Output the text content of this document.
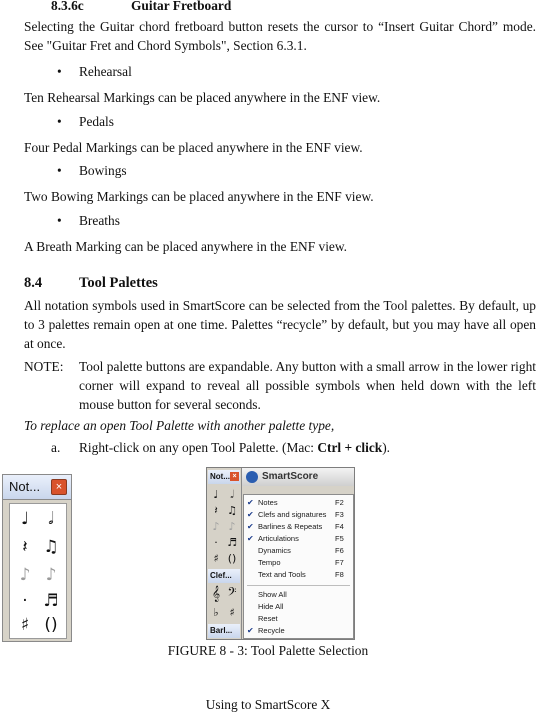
8.3.6c	Guitar Fretboard
Selecting the Guitar chord fretboard button resets the cursor to “Insert Guitar Chord” mode. See "Guitar Fret and Chord Symbols", Section 6.3.1.
• Rehearsal
Ten Rehearsal Markings can be placed anywhere in the ENF view.
• Pedals
Four Pedal Markings can be placed anywhere in the ENF view.
• Bowings
Two Bowing Markings can be placed anywhere in the ENF view.
• Breaths
A Breath Marking can be placed anywhere in the ENF view.
8.4	Tool Palettes
All notation symbols used in SmartScore can be selected from the Tool palettes. By default, up to 3 palettes remain open at one time. Palettes “recycle” by default, but you may have all open at once.
NOTE: Tool palette buttons are expandable. Any button with a small arrow in the lower right corner will expand to reveal all possible symbols when held down with the left mouse button for several seconds.
To replace an open Tool Palette with another palette type,
a. Right-click on any open Tool Palette. (Mac: Ctrl + click).
Not...	×
♩	𝅗𝅥
𝄽 ♫
♪ ♪
· ♬
♯ ()
Not... ×
♩	𝅗𝅥
𝄽 ♫
♪ ♪
· ♬
♯ ()
Clef...
𝄞 𝄢
♭ ♯
Barl...
SmartScore
✔ Notes	F2
✔ Clefs and signatures F3
✔ Barlines & Repeats F4
✔ Articulations	F5
Dynamics	F6
Tempo	F7
Text and Tools	F8
Show All
Hide All
Reset
✔ Recycle
FIGURE 8 - 3: Tool Palette Selection
Using to SmartScore X
